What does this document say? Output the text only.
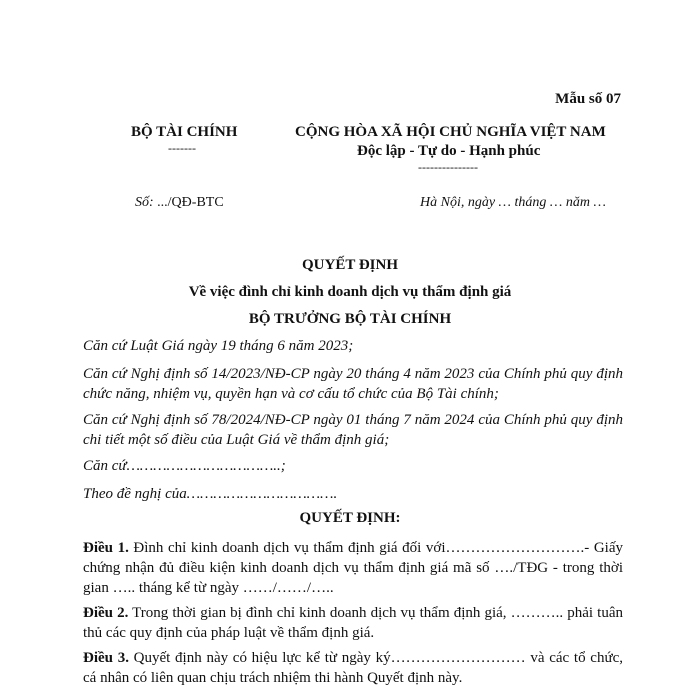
Mẫu số 07
BỘ TÀI CHÍNH
-------
CỘNG HÒA XÃ HỘI CHỦ NGHĨA VIỆT NAM
Độc lập - Tự do - Hạnh phúc
---------------
Số: .../QĐ-BTC	Hà Nội, ngày … tháng … năm …
QUYẾT ĐỊNH
Về việc đình chỉ kinh doanh dịch vụ thẩm định giá
BỘ TRƯỞNG BỘ TÀI CHÍNH
Căn cứ Luật Giá ngày 19 tháng 6 năm 2023;
Căn cứ Nghị định số 14/2023/NĐ-CP ngày 20 tháng 4 năm 2023 của Chính phủ quy định chức năng, nhiệm vụ, quyền hạn và cơ cấu tổ chức của Bộ Tài chính;
Căn cứ Nghị định số 78/2024/NĐ-CP ngày 01 tháng 7 năm 2024 của Chính phủ quy định chi tiết một số điều của Luật Giá về thẩm định giá;
Căn cứ……………………………..;
Theo đề nghị của…………………………….
QUYẾT ĐỊNH:
Điều 1. Đình chỉ kinh doanh dịch vụ thẩm định giá đối với……………………….- Giấy chứng nhận đủ điều kiện kinh doanh dịch vụ thẩm định giá mã số …./TĐG - trong thời gian ….. tháng kể từ ngày ……/……/…..
Điều 2. Trong thời gian bị đình chỉ kinh doanh dịch vụ thẩm định giá, ……….. phải tuân thủ các quy định của pháp luật về thẩm định giá.
Điều 3. Quyết định này có hiệu lực kể từ ngày ký……………………… và các tổ chức, cá nhân có liên quan chịu trách nhiệm thi hành Quyết định này.
